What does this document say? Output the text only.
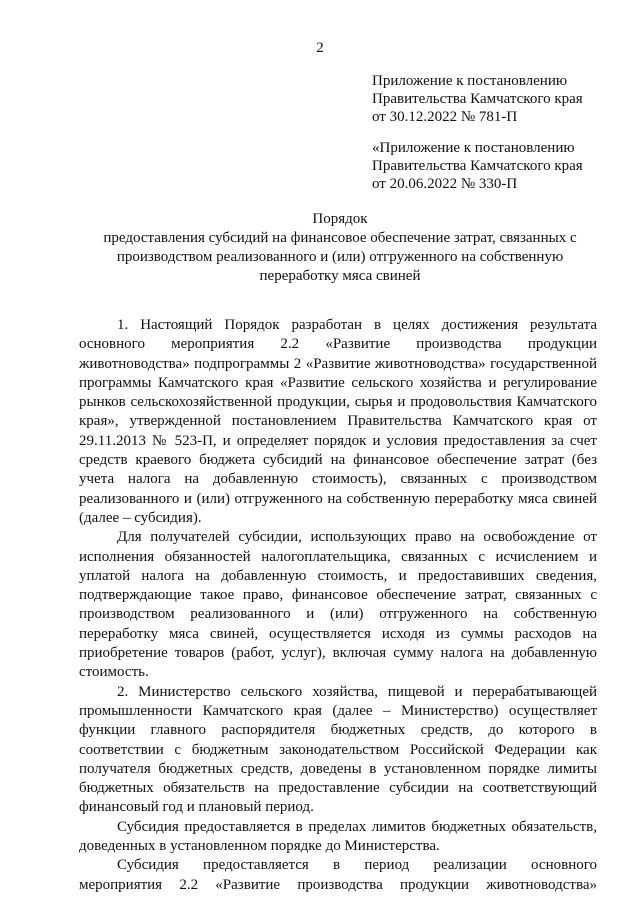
2
Приложение к постановлению
Правительства Камчатского края
от 30.12.2022 № 781-П
«Приложение к постановлению
Правительства Камчатского края
от 20.06.2022 № 330-П
Порядок
предоставления субсидий на финансовое обеспечение затрат, связанных с
производством реализованного и (или) отгруженного на собственную
переработку мяса свиней
1. Настоящий Порядок разработан в целях достижения результата
основного мероприятия 2.2 «Развитие производства продукции
животноводства» подпрограммы 2 «Развитие животноводства» государственной
программы Камчатского края «Развитие сельского хозяйства и регулирование
рынков сельскохозяйственной продукции, сырья и продовольствия Камчатского
края», утвержденной постановлением Правительства Камчатского края от
29.11.2013 № 523-П, и определяет порядок и условия предоставления за счет
средств краевого бюджета субсидий на финансовое обеспечение затрат (без
учета налога на добавленную стоимость), связанных с производством
реализованного и (или) отгруженного на собственную переработку мяса свиней
(далее – субсидия).
Для получателей субсидии, использующих право на освобождение от
исполнения обязанностей налогоплательщика, связанных с исчислением и
уплатой налога на добавленную стоимость, и предоставивших сведения,
подтверждающие такое право, финансовое обеспечение затрат, связанных с
производством реализованного и (или) отгруженного на собственную
переработку мяса свиней, осуществляется исходя из суммы расходов на
приобретение товаров (работ, услуг), включая сумму налога на добавленную
стоимость.
2. Министерство сельского хозяйства, пищевой и перерабатывающей
промышленности Камчатского края (далее – Министерство) осуществляет
функции главного распорядителя бюджетных средств, до которого в
соответствии с бюджетным законодательством Российской Федерации как
получателя бюджетных средств, доведены в установленном порядке лимиты
бюджетных обязательств на предоставление субсидии на соответствующий
финансовый год и плановый период.
Субсидия предоставляется в пределах лимитов бюджетных обязательств,
доведенных в установленном порядке до Министерства.
Субсидия предоставляется в период реализации основного
мероприятия 2.2 «Развитие производства продукции животноводства»
